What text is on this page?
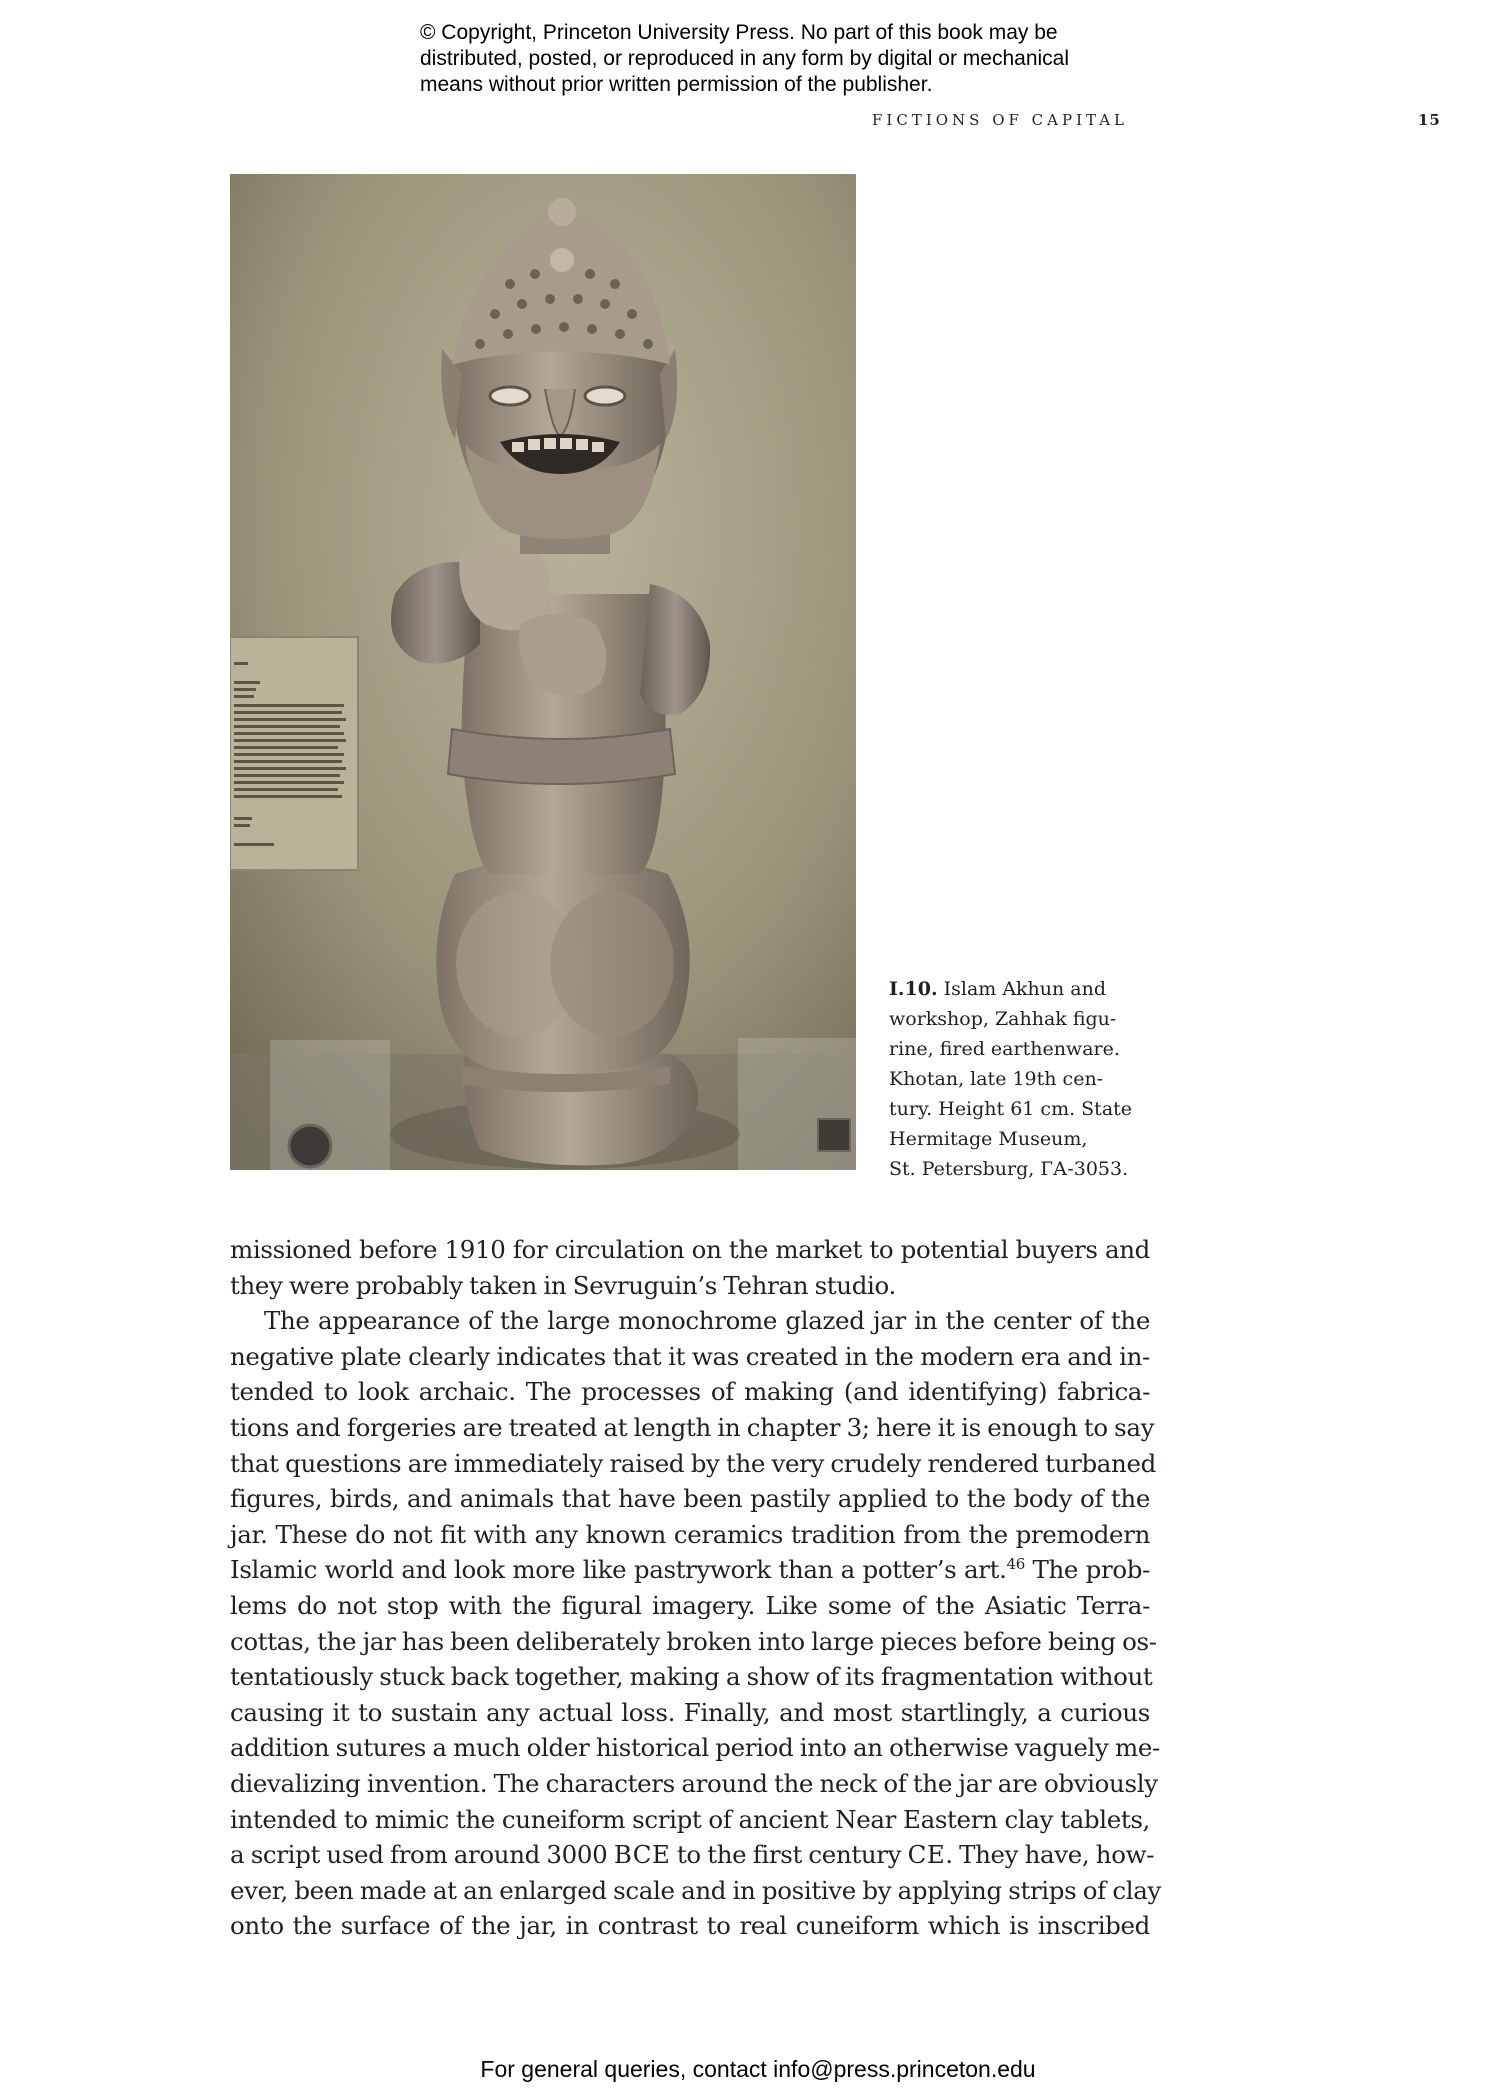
© Copyright, Princeton University Press. No part of this book may be
distributed, posted, or reproduced in any form by digital or mechanical
means without prior written permission of the publisher.
FICTIONS OF CAPITAL	15
I.10. Islam Akhun and
workshop, Zahhak figu-
rine, fired earthenware.
Khotan, late 19th cen-
tury. Height 61 cm. State
Hermitage Museum,
St. Petersburg, ГА-3053.
missioned before 1910 for circulation on the market to potential buyers and
they were probably taken in Sevruguin’s Tehran studio.
The appearance of the large monochrome glazed jar in the center of the
negative plate clearly indicates that it was created in the modern era and in-
tended to look archaic. The processes of making (and identifying) fabrica-
tions and forgeries are treated at length in chapter 3; here it is enough to say
that questions are immediately raised by the very crudely rendered turbaned
figures, birds, and animals that have been pastily applied to the body of the
jar. These do not fit with any known ceramics tradition from the premodern
Islamic world and look more like pastrywork than a potter’s art.$^{46}$ The prob-
lems do not stop with the figural imagery. Like some of the Asiatic Terra-
cottas, the jar has been deliberately broken into large pieces before being os-
tentatiously stuck back together, making a show of its fragmentation without
causing it to sustain any actual loss. Finally, and most startlingly, a curious
addition sutures a much older historical period into an otherwise vaguely me-
dievalizing invention. The characters around the neck of the jar are obviously
intended to mimic the cuneiform script of ancient Near Eastern clay tablets,
a script used from around 3000 BCE to the first century CE. They have, how-
ever, been made at an enlarged scale and in positive by applying strips of clay
onto the surface of the jar, in contrast to real cuneiform which is inscribed
For general queries, contact info@press.princeton.edu
